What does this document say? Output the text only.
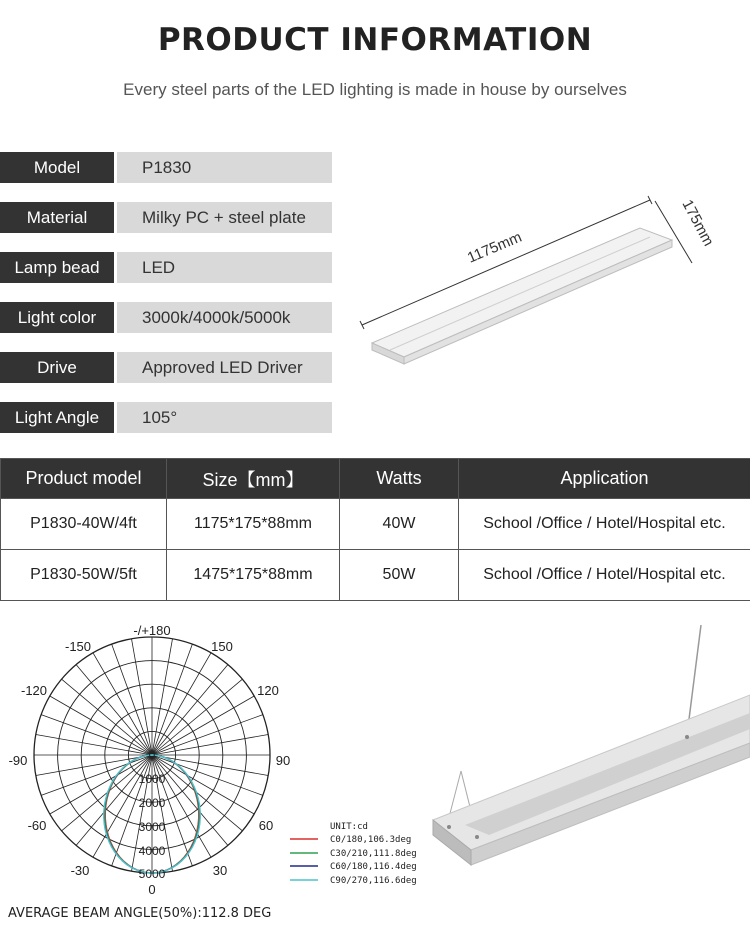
PRODUCT INFORMATION
Every steel parts of the LED lighting is made in house by ourselves
Model	P1830
Material	Milky PC + steel plate
Lamp bead	LED
Light color	3000k/4000k/5000k
Drive	Approved LED Driver
Light Angle	105°
1175mm	175mm
Product model	Size【mm】	Watts	Application
P1830-40W/4ft	1175*175*88mm	40W	School /Office / Hotel/Hospital etc.
P1830-50W/5ft	1475*175*88mm	50W	School /Office / Hotel/Hospital etc.
-/+180
150
120
90
60
30
0
-30
-60
-90
-120
-150
0
1000
2000
3000
4000
5000
UNIT:cd
C0/180,106.3deg
C30/210,111.8deg
C60/180,116.4deg
C90/270,116.6deg
AVERAGE BEAM ANGLE(50%):112.8 DEG
